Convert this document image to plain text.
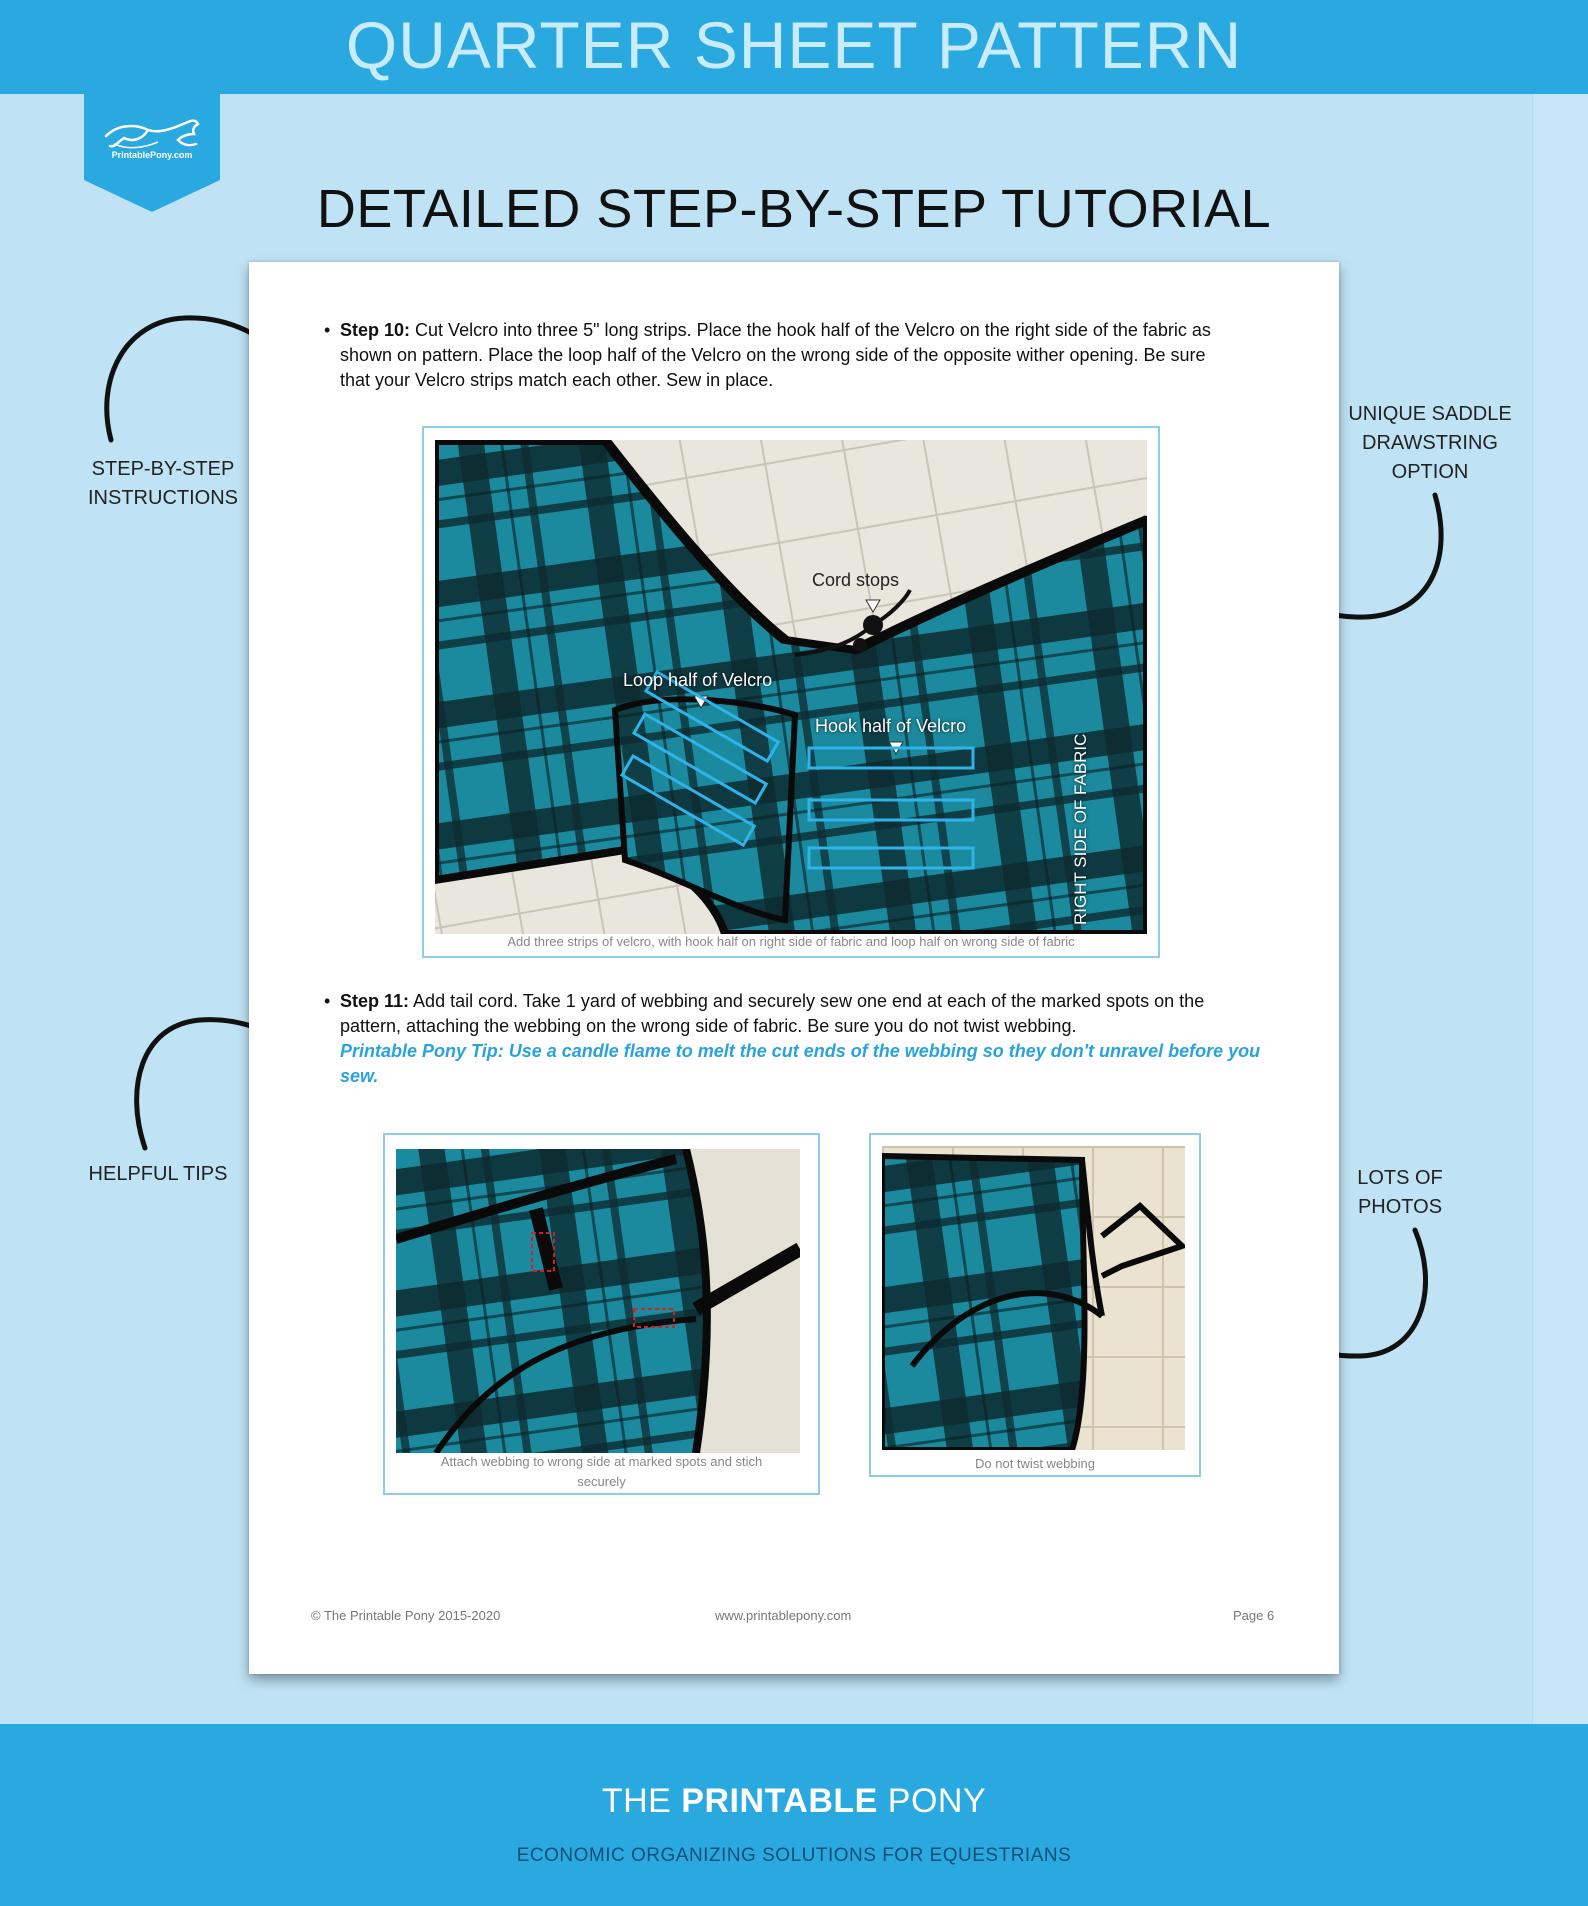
QUARTER SHEET PATTERN
PrintablePony.com
DETAILED STEP-BY-STEP TUTORIAL
STEP-BY-STEP
INSTRUCTIONS
HELPFUL TIPS
UNIQUE SADDLE
DRAWSTRING
OPTION
LOTS OF
PHOTOS
• Step 10: Cut Velcro into three 5" long strips. Place the hook half of the Velcro on the right side of the fabric as
shown on pattern. Place the loop half of the Velcro on the wrong side of the opposite wither opening. Be sure
that your Velcro strips match each other. Sew in place.
Cord stops
Loop half of Velcro
Hook half of Velcro
RIGHT SIDE OF FABRIC
Add three strips of velcro, with hook half on right side of fabric and loop half on wrong side of fabric
• Step 11: Add tail cord. Take 1 yard of webbing and securely sew one end at each of the marked spots on the
pattern, attaching the webbing on the wrong side of fabric. Be sure you do not twist webbing.
Printable Pony Tip: Use a candle flame to melt the cut ends of the webbing so they don't unravel before you
sew.
Attach webbing to wrong side at marked spots and stich
securely
Do not twist webbing
© The Printable Pony 2015-2020	www.printablepony.com	Page 6
THE PRINTABLE PONY
ECONOMIC ORGANIZING SOLUTIONS FOR EQUESTRIANS
